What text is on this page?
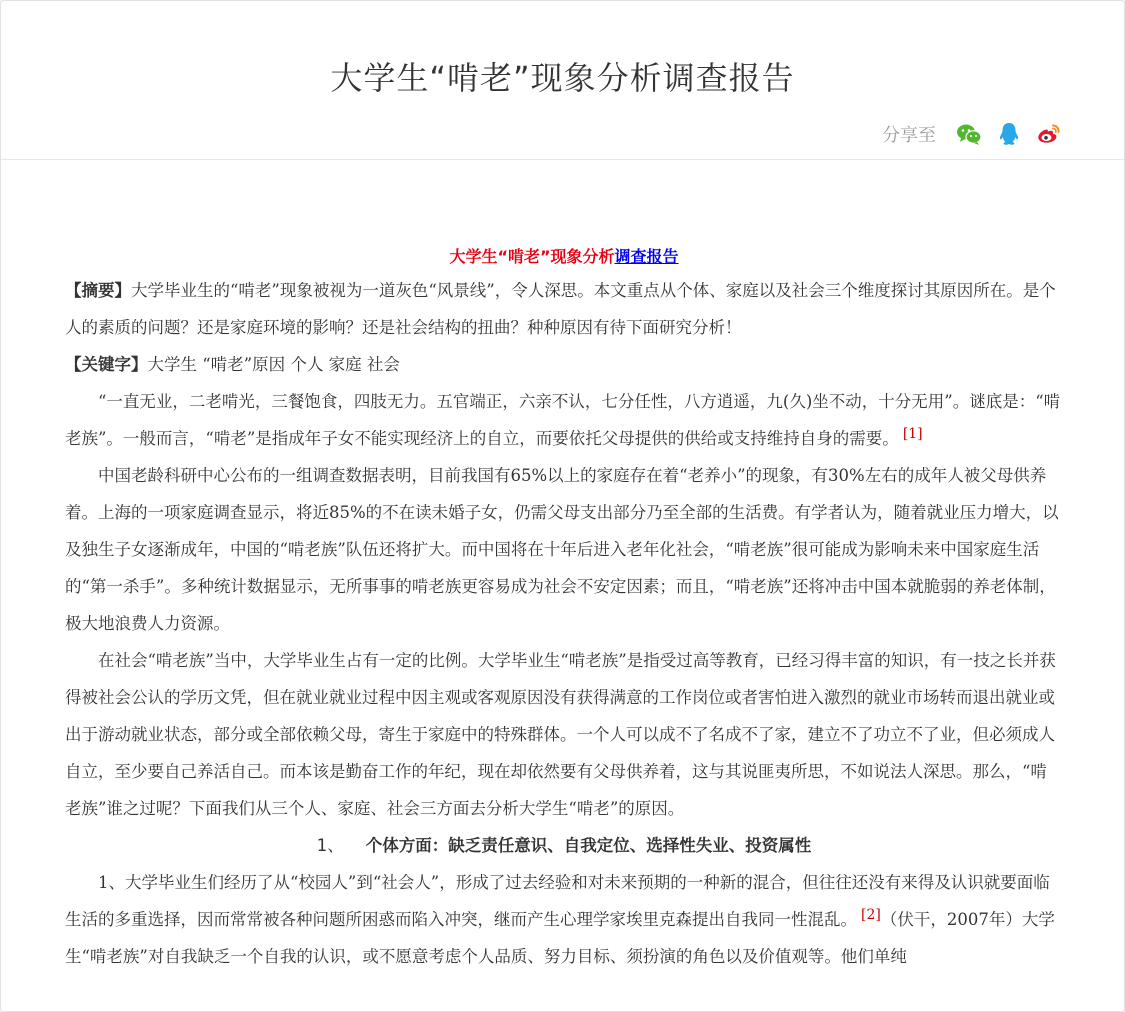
大学生“啃老”现象分析调查报告
分享至

大学生“啃老”现象分析调查报告

【摘要】大学毕业生的“啃老”现象被视为一道灰色“风景线”，令人深思。本文重点从个体、家庭以及社会三个维度探讨其原因所在。是个人的素质的问题？还是家庭环境的影响？还是社会结构的扭曲？种种原因有待下面研究分析！

【关键字】大学生 “啃老”原因 个人 家庭 社会

“一直无业，二老啃光，三餐饱食，四肢无力。五官端正，六亲不认，七分任性，八方逍遥，九(久)坐不动，十分无用”。谜底是：“啃老族”。一般而言，“啃老”是指成年子女不能实现经济上的自立，而要依托父母提供的供给或支持维持自身的需要。 [1]

中国老龄科研中心公布的一组调查数据表明，目前我国有65%以上的家庭存在着“老养小”的现象，有30%左右的成年人被父母供养着。上海的一项家庭调查显示，将近85%的不在读未婚子女，仍需父母支出部分乃至全部的生活费。有学者认为，随着就业压力增大，以及独生子女逐渐成年，中国的“啃老族”队伍还将扩大。而中国将在十年后进入老年化社会，“啃老族”很可能成为影响未来中国家庭生活的“第一杀手”。多种统计数据显示，无所事事的啃老族更容易成为社会不安定因素；而且，“啃老族”还将冲击中国本就脆弱的养老体制，极大地浪费人力资源。

在社会“啃老族”当中，大学毕业生占有一定的比例。大学毕业生“啃老族”是指受过高等教育，已经习得丰富的知识，有一技之长并获得被社会公认的学历文凭，但在就业就业过程中因主观或客观原因没有获得满意的工作岗位或者害怕进入激烈的就业市场转而退出就业或出于游动就业状态，部分或全部依赖父母，寄生于家庭中的特殊群体。一个人可以成不了名成不了家，建立不了功立不了业，但必须成人自立，至少要自己养活自己。而本该是勤奋工作的年纪，现在却依然要有父母供养着，这与其说匪夷所思，不如说法人深思。那么，“啃老族”谁之过呢？下面我们从三个人、家庭、社会三方面去分析大学生“啃老”的原因。

1、 个体方面：缺乏责任意识、自我定位、选择性失业、投资属性

1、大学毕业生们经历了从“校园人”到“社会人”，形成了过去经验和对未来预期的一种新的混合，但往往还没有来得及认识就要面临生活的多重选择，因而常常被各种问题所困惑而陷入冲突，继而产生心理学家埃里克森提出自我同一性混乱。 [2]（伏干，2007年）大学生“啃老族”对自我缺乏一个自我的认识，或不愿意考虑个人品质、努力目标、须扮演的角色以及价值观等。他们单纯
